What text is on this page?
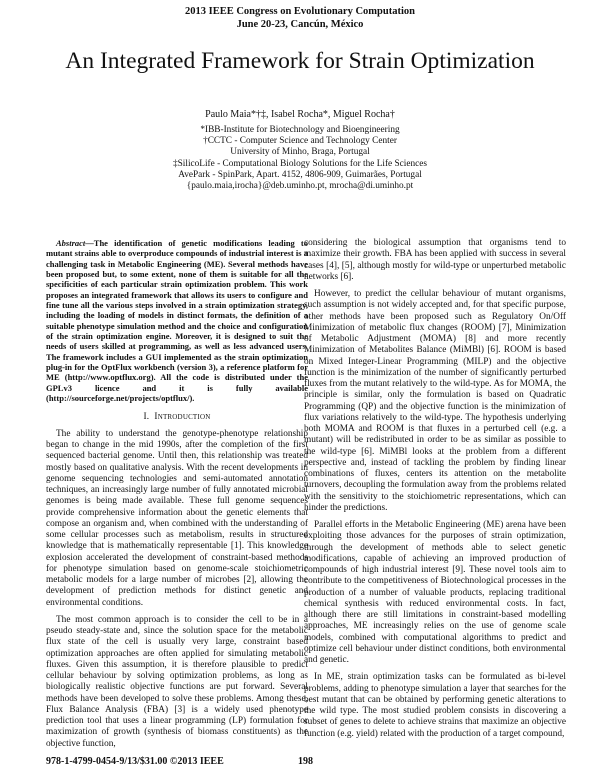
2013 IEEE Congress on Evolutionary Computation
June 20-23, Cancún, México
An Integrated Framework for Strain Optimization
Paulo Maia*†‡, Isabel Rocha*, Miguel Rocha†
*IBB-Institute for Biotechnology and Bioengineering
†CCTC - Computer Science and Technology Center
University of Minho, Braga, Portugal
‡SilicoLife - Computational Biology Solutions for the Life Sciences
AvePark - SpinPark, Apart. 4152, 4806-909, Guimarães, Portugal
{paulo.maia,irocha}@deb.uminho.pt, mrocha@di.uminho.pt

Abstract—The identification of genetic modifications leading to mutant strains able to overproduce compounds of industrial interest is a challenging task in Metabolic Engineering (ME). Several methods have been proposed but, to some extent, none of them is suitable for all the specificities of each particular strain optimization problem. This work proposes an integrated framework that allows its users to configure and fine tune all the various steps involved in a strain optimization strategy, including the loading of models in distinct formats, the definition of a suitable phenotype simulation method and the choice and configuration of the strain optimization engine. Moreover, it is designed to suit the needs of users skilled at programming, as well as less advanced users. The framework includes a GUI implemented as the strain optimization plug-in for the OptFlux workbench (version 3), a reference platform for ME (http://www.optflux.org). All the code is distributed under the GPLv3 licence and it is fully available (http://sourceforge.net/projects/optflux/).

I. Introduction

The ability to understand the genotype-phenotype relationship began to change in the mid 1990s, after the completion of the first sequenced bacterial genome. Until then, this relationship was treated mostly based on qualitative analysis. With the recent developments in genome sequencing technologies and semi-automated annotation techniques, an increasingly large number of fully annotated microbial genomes is being made available. These full genome sequences provide comprehensive information about the genetic elements that compose an organism and, when combined with the understanding of some cellular processes such as metabolism, results in structured knowledge that is mathematically representable [1]. This knowledge explosion accelerated the development of constraint-based methods for phenotype simulation based on genome-scale stoichiometric metabolic models for a large number of microbes [2], allowing the development of prediction methods for distinct genetic and environmental conditions.

The most common approach is to consider the cell to be in a pseudo steady-state and, since the solution space for the metabolic flux state of the cell is usually very large, constraint based optimization approaches are often applied for simulating metabolic fluxes. Given this assumption, it is therefore plausible to predict cellular behaviour by solving optimization problems, as long as biologically realistic objective functions are put forward. Several methods have been developed to solve these problems. Among these, Flux Balance Analysis (FBA) [3] is a widely used phenotype prediction tool that uses a linear programming (LP) formulation for maximization of growth (synthesis of biomass constituents) as the objective function,

considering the biological assumption that organisms tend to maximize their growth. FBA has been applied with success in several cases [4], [5], although mostly for wild-type or unperturbed metabolic networks [6].

However, to predict the cellular behaviour of mutant organisms, such assumption is not widely accepted and, for that specific purpose, other methods have been proposed such as Regulatory On/Off Minimization of metabolic flux changes (ROOM) [7], Minimization of Metabolic Adjustment (MOMA) [8] and more recently Minimization of Metabolites Balance (MiMBl) [6]. ROOM is based on Mixed Integer-Linear Programming (MILP) and the objective function is the minimization of the number of significantly perturbed fluxes from the mutant relatively to the wild-type. As for MOMA, the principle is similar, only the formulation is based on Quadratic Programming (QP) and the objective function is the minimization of flux variations relatively to the wild-type. The hypothesis underlying both MOMA and ROOM is that fluxes in a perturbed cell (e.g. a mutant) will be redistributed in order to be as similar as possible to the wild-type [6]. MiMBl looks at the problem from a different perspective and, instead of tackling the problem by finding linear combinations of fluxes, centers its attention on the metabolite turnovers, decoupling the formulation away from the problems related with the sensitivity to the stoichiometric representations, which can hinder the predictions.

Parallel efforts in the Metabolic Engineering (ME) arena have been exploiting those advances for the purposes of strain optimization, through the development of methods able to select genetic modifications, capable of achieving an improved production of compounds of high industrial interest [9]. These novel tools aim to contribute to the competitiveness of Biotechnological processes in the production of a number of valuable products, replacing traditional chemical synthesis with reduced environmental costs. In fact, although there are still limitations in constraint-based modelling approaches, ME increasingly relies on the use of genome scale models, combined with computational algorithms to predict and optimize cell behaviour under distinct conditions, both environmental and genetic.

In ME, strain optimization tasks can be formulated as bi-level problems, adding to phenotype simulation a layer that searches for the best mutant that can be obtained by performing genetic alterations to the wild type. The most studied problem consists in discovering a subset of genes to delete to achieve strains that maximize an objective function (e.g. yield) related with the production of a target compound,

978-1-4799-0454-9/13/$31.00 ©2013 IEEE	198
